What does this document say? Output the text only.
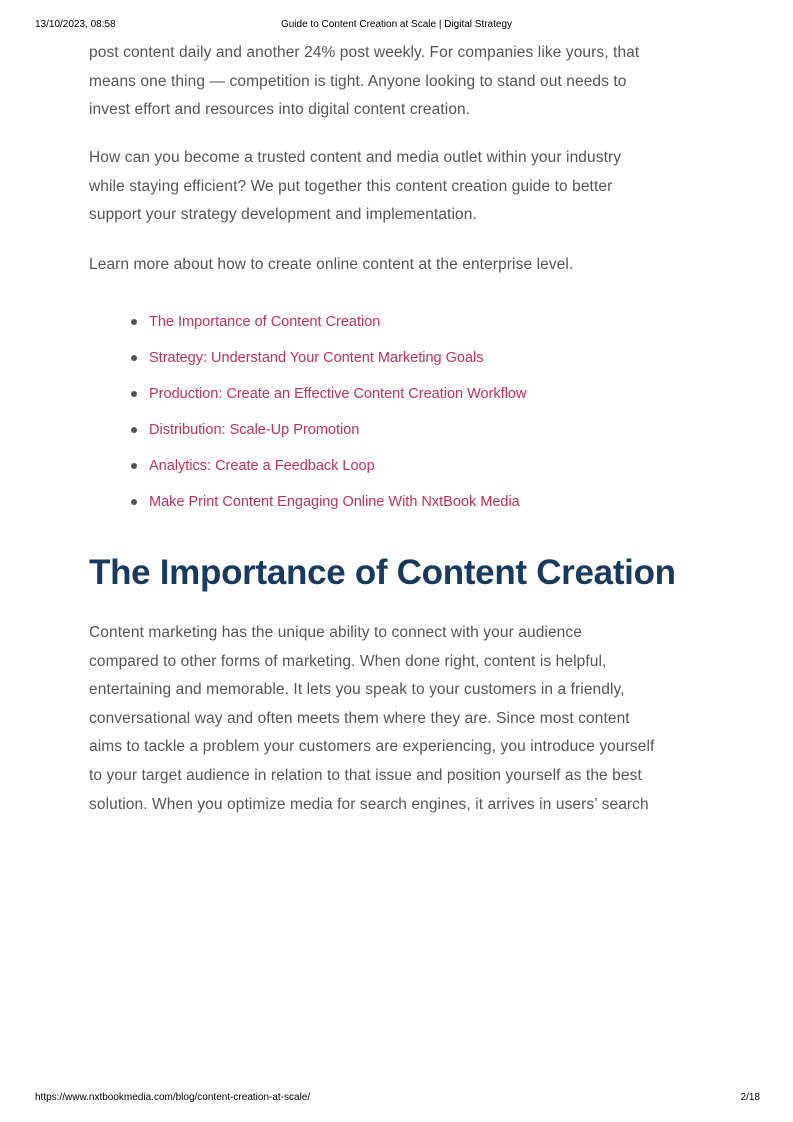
13/10/2023, 08:58	Guide to Content Creation at Scale | Digital Strategy
post content daily and another 24% post weekly. For companies like yours, that
means one thing — competition is tight. Anyone looking to stand out needs to
invest effort and resources into digital content creation.
How can you become a trusted content and media outlet within your industry
while staying efficient? We put together this content creation guide to better
support your strategy development and implementation.
Learn more about how to create online content at the enterprise level.
Content marketing has the unique ability to connect with your audience
compared to other forms of marketing. When done right, content is helpful,
entertaining and memorable. It lets you speak to your customers in a friendly,
conversational way and often meets them where they are. Since most content
aims to tackle a problem your customers are experiencing, you introduce yourself
to your target audience in relation to that issue and position yourself as the best
solution. When you optimize media for search engines, it arrives in users’ search
The Importance of Content Creation
Strategy: Understand Your Content Marketing Goals
Production: Create an Effective Content Creation Workflow
Distribution: Scale-Up Promotion
Analytics: Create a Feedback Loop
Make Print Content Engaging Online With NxtBook Media
The Importance of Content Creation
https://www.nxtbookmedia.com/blog/content-creation-at-scale/	2/18
